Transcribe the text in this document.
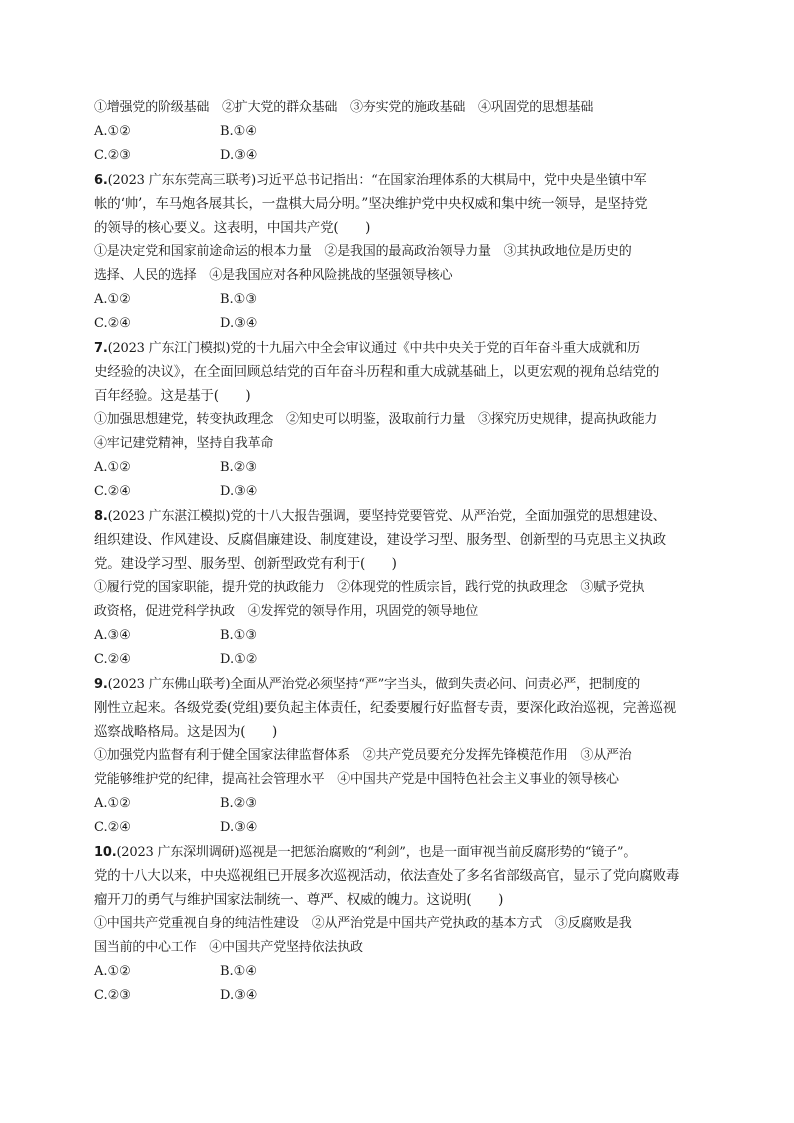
①增强党的阶级基础　②扩大党的群众基础　③夯实党的施政基础　④巩固党的思想基础
A.①②	B.①④
C.②③	D.③④
6.(2023 广东东莞高三联考)习近平总书记指出：“在国家治理体系的大棋局中，党中央是坐镇中军
帐的‘帅’，车马炮各展其长，一盘棋大局分明。”坚决维护党中央权威和集中统一领导，是坚持党
的领导的核心要义。这表明，中国共产党(　　)
①是决定党和国家前途命运的根本力量　②是我国的最高政治领导力量　③其执政地位是历史的
选择、人民的选择　④是我国应对各种风险挑战的坚强领导核心
A.①②	B.①③
C.②④	D.③④
7.(2023 广东江门模拟)党的十九届六中全会审议通过《中共中央关于党的百年奋斗重大成就和历
史经验的决议》，在全面回顾总结党的百年奋斗历程和重大成就基础上，以更宏观的视角总结党的
百年经验。这是基于(　　)
①加强思想建党，转变执政理念　②知史可以明鉴，汲取前行力量　③探究历史规律，提高执政能力
④牢记建党精神，坚持自我革命
A.①②	B.②③
C.②④	D.③④
8.(2023 广东湛江模拟)党的十八大报告强调，要坚持党要管党、从严治党，全面加强党的思想建设、
组织建设、作风建设、反腐倡廉建设、制度建设，建设学习型、服务型、创新型的马克思主义执政
党。建设学习型、服务型、创新型政党有利于(　　)
①履行党的国家职能，提升党的执政能力　②体现党的性质宗旨，践行党的执政理念　③赋予党执
政资格，促进党科学执政　④发挥党的领导作用，巩固党的领导地位
A.③④	B.①③
C.②④	D.①②
9.(2023 广东佛山联考)全面从严治党必须坚持“严”字当头，做到失责必问、问责必严，把制度的
刚性立起来。各级党委(党组)要负起主体责任，纪委要履行好监督专责，要深化政治巡视，完善巡视
巡察战略格局。这是因为(　　)
①加强党内监督有利于健全国家法律监督体系　②共产党员要充分发挥先锋模范作用　③从严治
党能够维护党的纪律，提高社会管理水平　④中国共产党是中国特色社会主义事业的领导核心
A.①②	B.②③
C.②④	D.③④
10.(2023 广东深圳调研)巡视是一把惩治腐败的“利剑”，也是一面审视当前反腐形势的“镜子”。
党的十八大以来，中央巡视组已开展多次巡视活动，依法查处了多名省部级高官，显示了党向腐败毒
瘤开刀的勇气与维护国家法制统一、尊严、权威的魄力。这说明(　　)
①中国共产党重视自身的纯洁性建设　②从严治党是中国共产党执政的基本方式　③反腐败是我
国当前的中心工作　④中国共产党坚持依法执政
A.①②	B.①④
C.②③	D.③④
